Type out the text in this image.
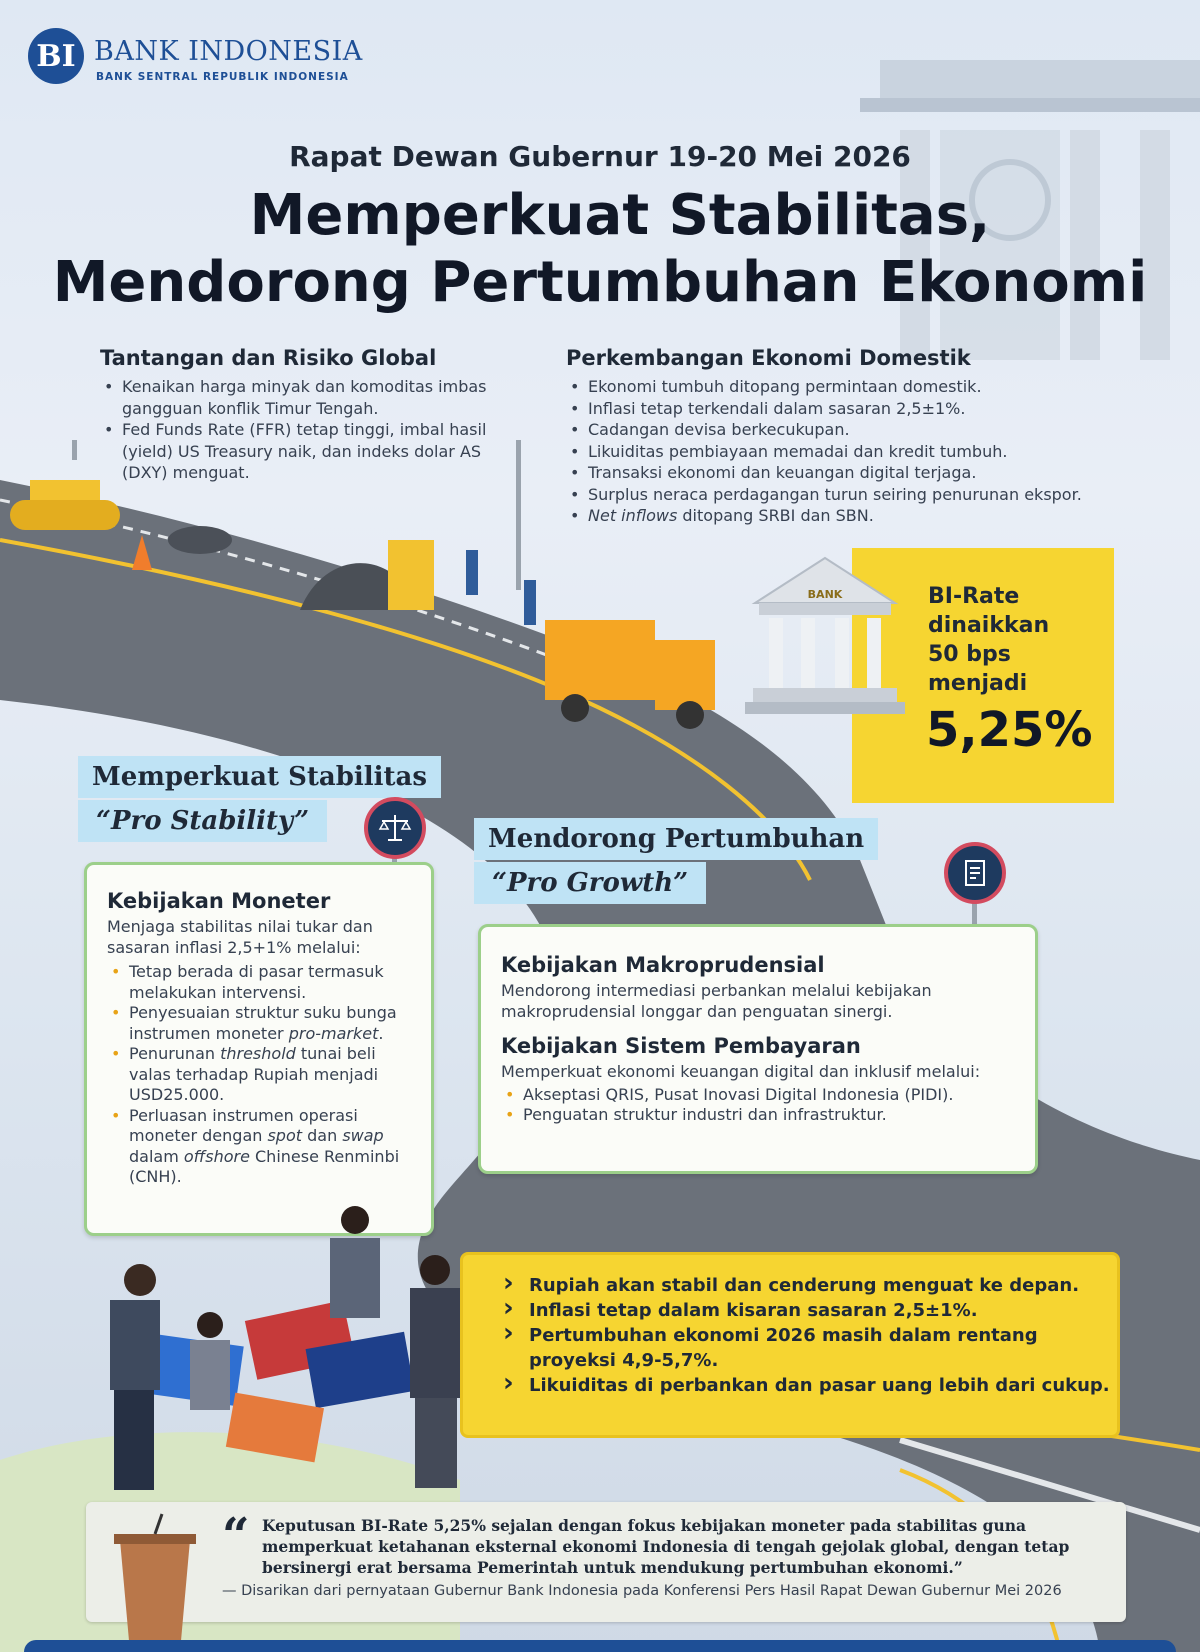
BI BANK INDONESIA
BANK SENTRAL REPUBLIK INDONESIA
Rapat Dewan Gubernur 19-20 Mei 2026
Memperkuat Stabilitas,
Mendorong Pertumbuhan Ekonomi
Tantangan dan Risiko Global
• Kenaikan harga minyak dan komoditas imbas gangguan konflik Timur Tengah.
• Fed Funds Rate (FFR) tetap tinggi, imbal hasil (yield) US Treasury naik, dan indeks dolar AS (DXY) menguat.
Perkembangan Ekonomi Domestik
• Ekonomi tumbuh ditopang permintaan domestik.
• Inflasi tetap terkendali dalam sasaran 2,5±1%.
• Cadangan devisa berkecukupan.
• Likuiditas pembiayaan memadai dan kredit tumbuh.
• Transaksi ekonomi dan keuangan digital terjaga.
• Surplus neraca perdagangan turun seiring penurunan ekspor.
• Net inflows ditopang SRBI dan SBN.
BANK	BI-Rate
dinaikkan
50 bps
menjadi
5,25%
Memperkuat Stabilitas
“Pro Stability”
Kebijakan Moneter

Menjaga stabilitas nilai tukar dan sasaran inflasi 2,5+1% melalui:

• Tetap berada di pasar termasuk melakukan intervensi.
• Penyesuaian struktur suku bunga instrumen moneter pro-market.
• Penurunan threshold tunai beli valas terhadap Rupiah menjadi USD25.000.
• Perluasan instrumen operasi moneter dengan spot dan swap dalam offshore Chinese Renminbi (CNH).
Mendorong Pertumbuhan
“Pro Growth”
Kebijakan Makroprudensial

Mendorong intermediasi perbankan melalui kebijakan makroprudensial longgar dan penguatan sinergi.

Kebijakan Sistem Pembayaran

Memperkuat ekonomi keuangan digital dan inklusif melalui:

• Akseptasi QRIS, Pusat Inovasi Digital Indonesia (PIDI).
• Penguatan struktur industri dan infrastruktur.
› Rupiah akan stabil dan cenderung menguat ke depan.
› Inflasi tetap dalam kisaran sasaran 2,5±1%.
› Pertumbuhan ekonomi 2026 masih dalam rentang proyeksi 4,9-5,7%.
› Likuiditas di perbankan dan pasar uang lebih dari cukup.
“ Keputusan BI-Rate 5,25% sejalan dengan fokus kebijakan moneter pada stabilitas guna memperkuat ketahanan eksternal ekonomi Indonesia di tengah gejolak global, dengan tetap bersinergi erat bersama Pemerintah untuk mendukung pertumbuhan ekonomi.”
— Disarikan dari pernyataan Gubernur Bank Indonesia pada Konferensi Pers Hasil Rapat Dewan Gubernur Mei 2026
